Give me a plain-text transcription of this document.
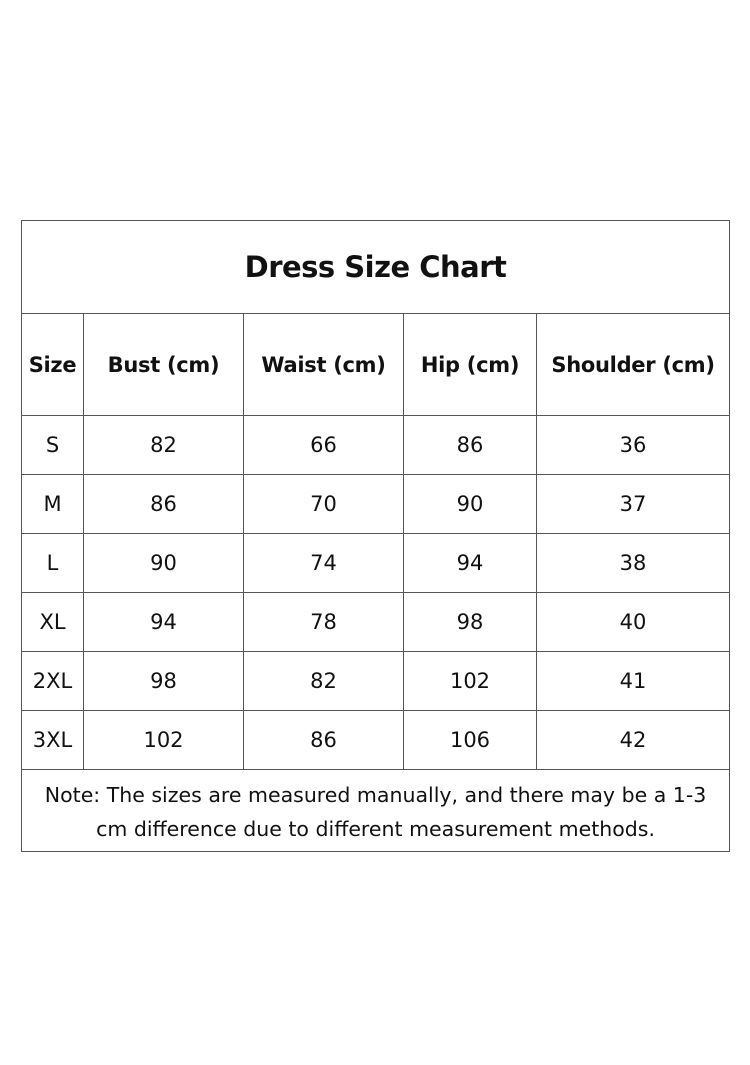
Dress Size Chart				
Size	Bust (cm)	Waist (cm)	Hip (cm)	Shoulder (cm)
S	82	66	86	36
M	86	70	90	37
L	90	74	94	38
XL	94	78	98	40
2XL	98	82	102	41
3XL	102	86	106	42
Note: The sizes are measured manually, and there may be a 1-3 cm difference due to different measurement methods.				
